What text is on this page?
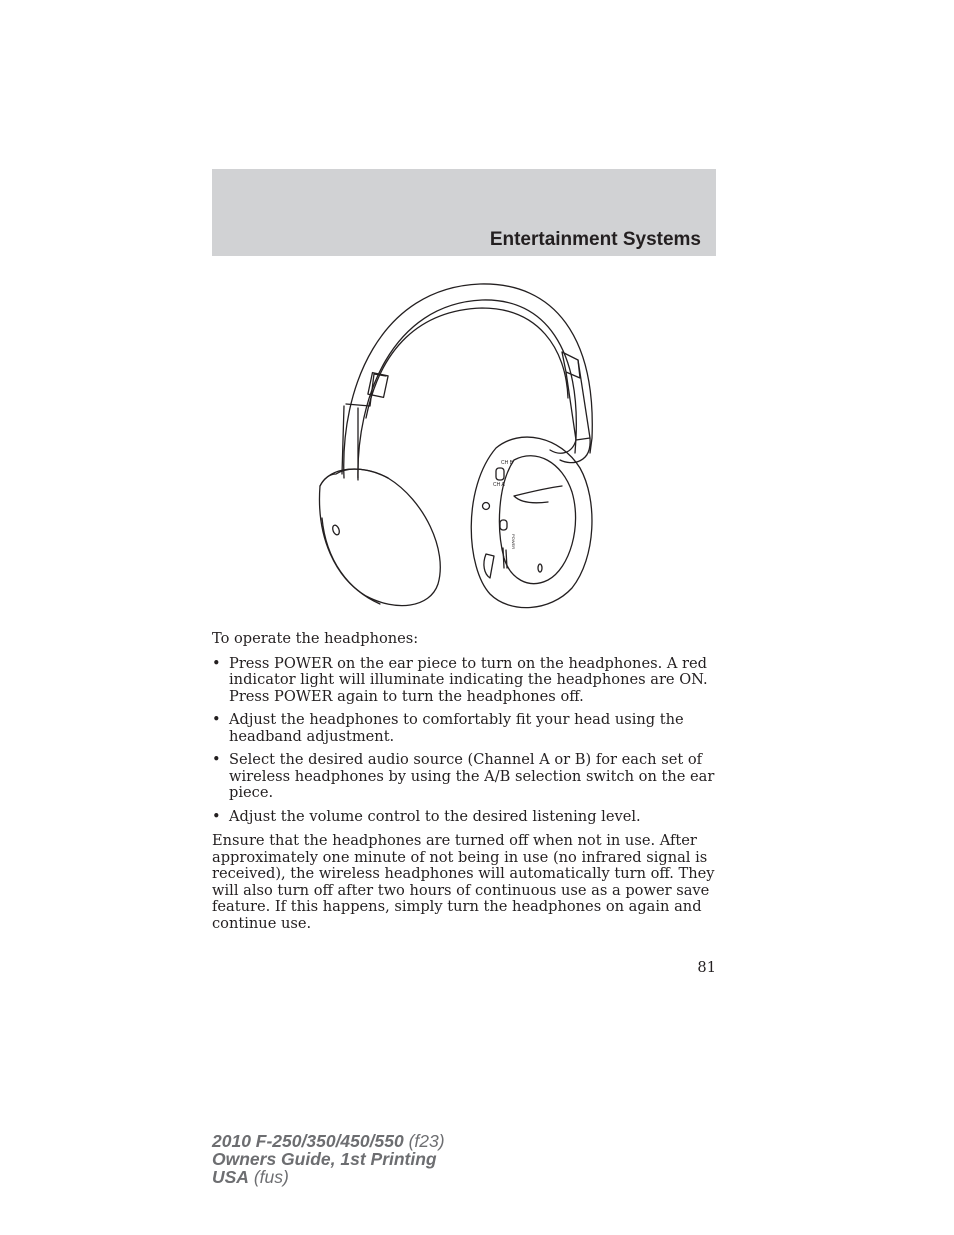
Entertainment Systems
CH B
CH A
POWER

To operate the headphones:

• Press POWER on the ear piece to turn on the headphones. A red indicator light will illuminate indicating the headphones are ON. Press POWER again to turn the headphones off.
• Adjust the headphones to comfortably fit your head using the headband adjustment.
• Select the desired audio source (Channel A or B) for each set of wireless headphones by using the A/B selection switch on the ear piece.
• Adjust the volume control to the desired listening level.

Ensure that the headphones are turned off when not in use. After approximately one minute of not being in use (no infrared signal is received), the wireless headphones will automatically turn off. They will also turn off after two hours of continuous use as a power save feature. If this happens, simply turn the headphones on again and continue use.

81
2010 F-250/350/450/550 (f23)
Owners Guide, 1st Printing
USA (fus)
